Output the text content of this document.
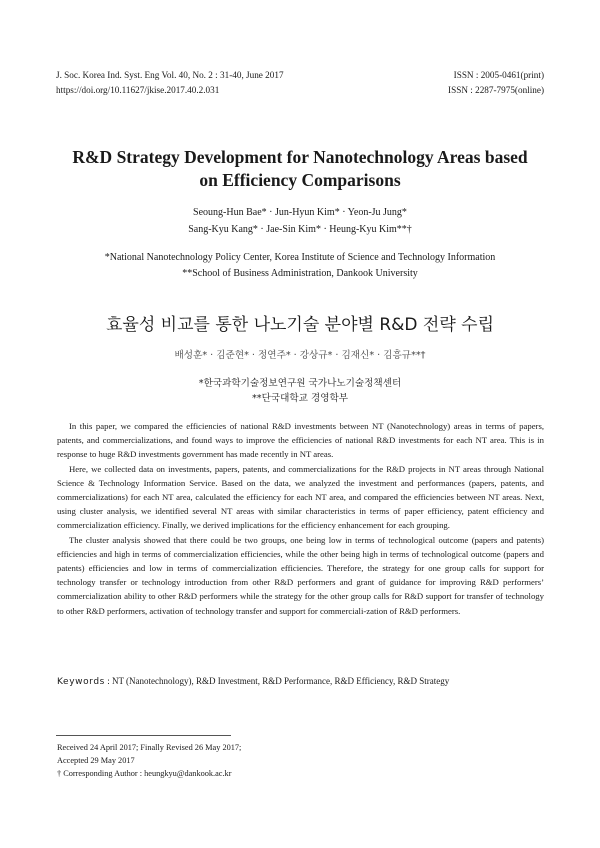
J. Soc. Korea Ind. Syst. Eng Vol. 40, No. 2 : 31-40, June 2017	ISSN : 2005-0461(print)
https://doi.org/10.11627/jkise.2017.40.2.031	ISSN : 2287-7975(online)
R&D Strategy Development for Nanotechnology Areas based
on Efficiency Comparisons
Seoung-Hun Bae* · Jun-Hyun Kim* · Yeon-Ju Jung*
Sang-Kyu Kang* · Jae-Sin Kim* · Heung-Kyu Kim**†
*National Nanotechnology Policy Center, Korea Institute of Science and Technology Information
**School of Business Administration, Dankook University
효율성 비교를 통한 나노기술 분야별 R&D 전략 수립
배성훈* · 김준현* · 정연주* · 강상규* · 김재신* · 김흥규**†
*한국과학기술정보연구원 국가나노기술정책센터
**단국대학교 경영학부

In this paper, we compared the efficiencies of national R&D investments between NT (Nanotechnology) areas in terms of papers, patents, and commercializations, and found ways to improve the efficiencies of national R&D investments for each NT area. This is in response to huge R&D investments government has made recently in NT areas.

Here, we collected data on investments, papers, patents, and commercializations for the R&D projects in NT areas through National Science & Technology Information Service. Based on the data, we analyzed the investment and performances (papers, patents, and commercializations) for each NT area, calculated the efficiency for each NT area, and compared the efficiencies between NT areas. Next, using cluster analysis, we identified several NT areas with similar characteristics in terms of paper efficiency, patent efficiency and commercialization efficiency. Finally, we derived implications for the efficiency enhancement for each grouping.

The cluster analysis showed that there could be two groups, one being low in terms of technological outcome (papers and patents) efficiencies and high in terms of commercialization efficiencies, while the other being high in terms of technological outcome (papers and patents) efficiencies and low in terms of commercialization efficiencies. Therefore, the strategy for one group calls for support for technology transfer or technology introduction from other R&D performers and grant of guidance for improving R&D performers’ commercialization ability to other R&D performers while the strategy for the other group calls for R&D support for transfer of technology to other R&D performers, activation of technology transfer and support for commerciali-zation of R&D performers.

Keywords : NT (Nanotechnology), R&D Investment, R&D Performance, R&D Efficiency, R&D Strategy
Received 24 April 2017; Finally Revised 26 May 2017;
Accepted 29 May 2017
† Corresponding Author : heungkyu@dankook.ac.kr
